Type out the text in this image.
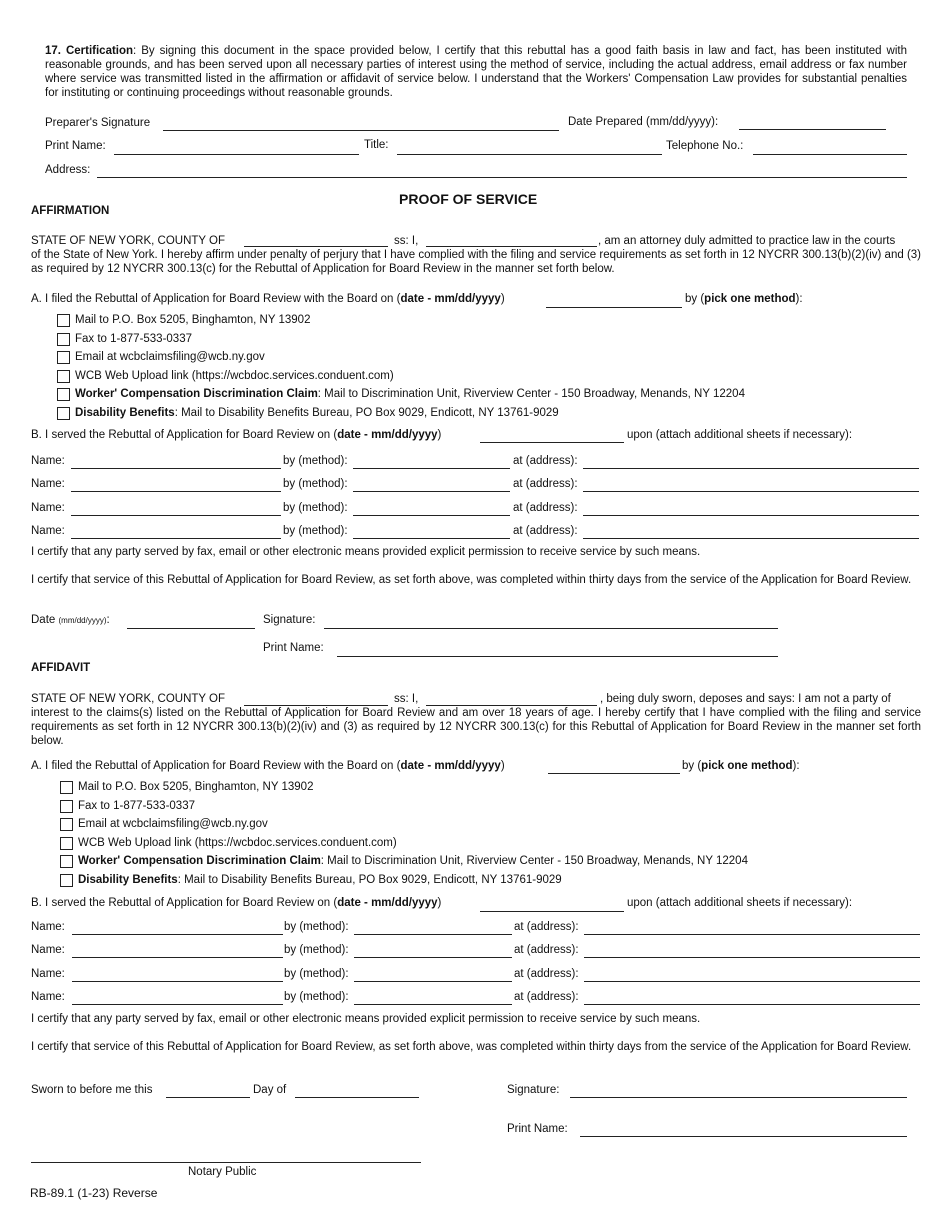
17. Certification: By signing this document in the space provided below, I certify that this rebuttal has a good faith basis in law and fact, has been instituted with reasonable grounds, and has been served upon all necessary parties of interest using the method of service, including the actual address, email address or fax number where service was transmitted listed in the affirmation or affidavit of service below. I understand that the Workers' Compensation Law provides for substantial penalties for instituting or continuing proceedings without reasonable grounds.
Preparer's Signature	Date Prepared (mm/dd/yyyy):
Print Name:	Title:	Telephone No.:
Address:
PROOF OF SERVICE
AFFIRMATION
STATE OF NEW YORK, COUNTY OF	ss: I,	, am an attorney duly admitted to practice law in the courts
of the State of New York. I hereby affirm under penalty of perjury that I have complied with the filing and service requirements as set forth in 12 NYCRR 300.13(b)(2)(iv) and (3) as required by 12 NYCRR 300.13(c) for the Rebuttal of Application for Board Review in the manner set forth below.
A. I filed the Rebuttal of Application for Board Review with the Board on (date - mm/dd/yyyy)	by (pick one method):
Mail to P.O. Box 5205, Binghamton, NY 13902
Fax to 1-877-533-0337
Email at wcbclaimsfiling@wcb.ny.gov
WCB Web Upload link (https://wcbdoc.services.conduent.com)
Worker' Compensation Discrimination Claim: Mail to Discrimination Unit, Riverview Center - 150 Broadway, Menands, NY 12204
Disability Benefits: Mail to Disability Benefits Bureau, PO Box 9029, Endicott, NY 13761-9029
B. I served the Rebuttal of Application for Board Review on (date - mm/dd/yyyy)	upon (attach additional sheets if necessary):
Name:	by (method):	at (address):
Name:	by (method):	at (address):
Name:	by (method):	at (address):
Name:	by (method):	at (address):
I certify that any party served by fax, email or other electronic means provided explicit permission to receive service by such means.
I certify that service of this Rebuttal of Application for Board Review, as set forth above, was completed within thirty days from the service of the Application for Board Review.
Date (mm/dd/yyyy):	Signature:
Print Name:
AFFIDAVIT
STATE OF NEW YORK, COUNTY OF	ss: I,	, being duly sworn, deposes and says: I am not a party of
interest to the claims(s) listed on the Rebuttal of Application for Board Review and am over 18 years of age. I hereby certify that I have complied with the filing and service requirements as set forth in 12 NYCRR 300.13(b)(2)(iv) and (3) as required by 12 NYCRR 300.13(c) for this Rebuttal of Application for Board Review in the manner set forth below.
A. I filed the Rebuttal of Application for Board Review with the Board on (date - mm/dd/yyyy)	by (pick one method):
Mail to P.O. Box 5205, Binghamton, NY 13902
Fax to 1-877-533-0337
Email at wcbclaimsfiling@wcb.ny.gov
WCB Web Upload link (https://wcbdoc.services.conduent.com)
Worker' Compensation Discrimination Claim: Mail to Discrimination Unit, Riverview Center - 150 Broadway, Menands, NY 12204
Disability Benefits: Mail to Disability Benefits Bureau, PO Box 9029, Endicott, NY 13761-9029
B. I served the Rebuttal of Application for Board Review on (date - mm/dd/yyyy)	upon (attach additional sheets if necessary):
Name:	by (method):	at (address):
Name:	by (method):	at (address):
Name:	by (method):	at (address):
Name:	by (method):	at (address):
I certify that any party served by fax, email or other electronic means provided explicit permission to receive service by such means.
I certify that service of this Rebuttal of Application for Board Review, as set forth above, was completed within thirty days from the service of the Application for Board Review.
Sworn to before me this	Day of	Signature:
Print Name:
Notary Public
RB-89.1 (1-23) Reverse
